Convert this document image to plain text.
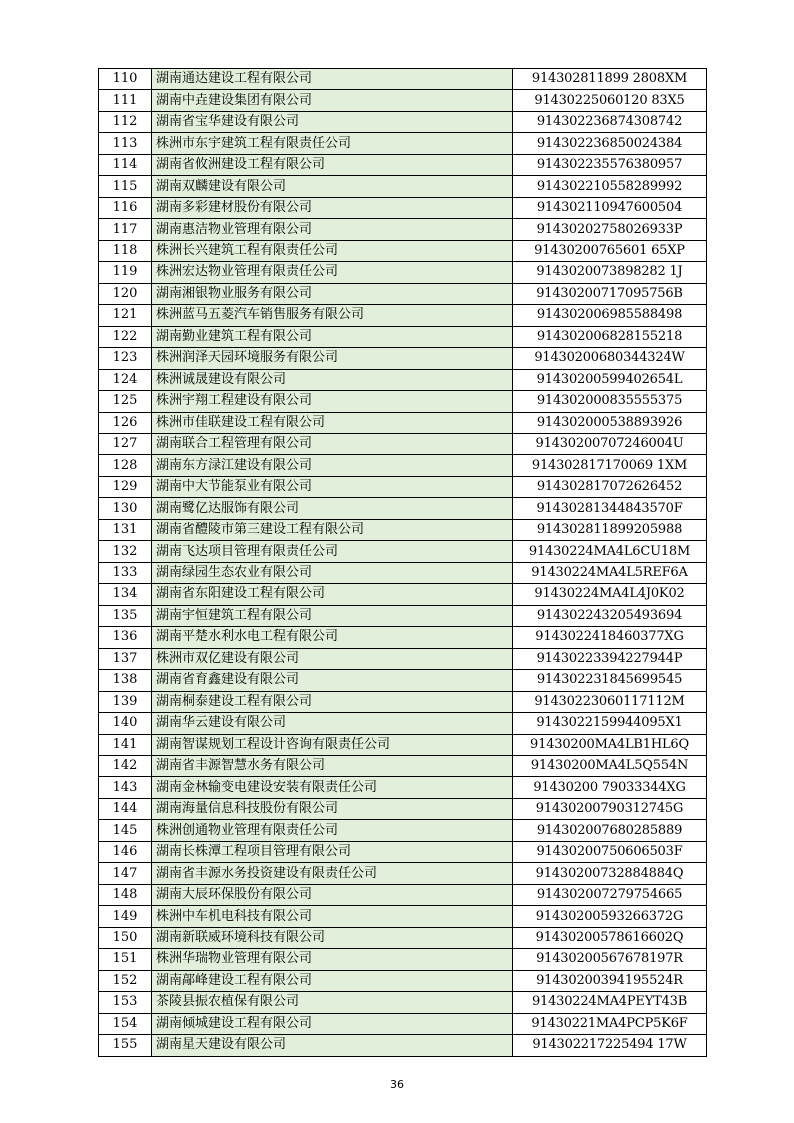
110	湖南通达建设工程有限公司	914302811899 2808XM
111	湖南中垚建设集团有限公司	91430225060120 83X5
112	湖南省宝华建设有限公司	914302236874308742
113	株洲市东宇建筑工程有限责任公司	914302236850024384
114	湖南省攸洲建设工程有限公司	914302235576380957
115	湖南双麟建设有限公司	914302210558289992
116	湖南多彩建材股份有限公司	914302110947600504
117	湖南惠洁物业管理有限公司	91430202758026933P
118	株洲长兴建筑工程有限责任公司	91430200765601 65XP
119	株洲宏达物业管理有限责任公司	9143020073898282 1J
120	湖南湘银物业服务有限公司	91430200717095756B
121	株洲蓝马五菱汽车销售服务有限公司	914302006985588498
122	湖南勤业建筑工程有限公司	914302006828155218
123	株洲润泽天园环境服务有限公司	91430200680344324W
124	株洲诚晟建设有限公司	91430200599402654L
125	株洲宇翔工程建设有限公司	914302000835555375
126	株洲市佳联建设工程有限公司	914302000538893926
127	湖南联合工程管理有限公司	91430200707246004U
128	湖南东方渌江建设有限公司	914302817170069 1XM
129	湖南中大节能泵业有限公司	914302817072626452
130	湖南鹭亿达服饰有限公司	91430281344843570F
131	湖南省醴陵市第三建设工程有限公司	914302811899205988
132	湖南飞达项目管理有限责任公司	91430224MA4L6CU18M
133	湖南绿园生态农业有限公司	91430224MA4L5REF6A
134	湖南省东阳建设工程有限公司	91430224MA4L4J0K02
135	湖南宇恒建筑工程有限公司	914302243205493694
136	湖南平楚水利水电工程有限公司	9143022418460377XG
137	株洲市双亿建设有限公司	91430223394227944P
138	湖南省育鑫建设有限公司	914302231845699545
139	湖南桐泰建设工程有限公司	91430223060117112M
140	湖南华云建设有限公司	9143022159944095X1
141	湖南智谋规划工程设计咨询有限责任公司	91430200MA4LB1HL6Q
142	湖南省丰源智慧水务有限公司	91430200MA4L5Q554N
143	湖南金林输变电建设安装有限责任公司	91430200 79033344XG
144	湖南海量信息科技股份有限公司	91430200790312745G
145	株洲创通物业管理有限责任公司	914302007680285889
146	湖南长株潭工程项目管理有限公司	91430200750606503F
147	湖南省丰源水务投资建设有限责任公司	91430200732884884Q
148	湖南大辰环保股份有限公司	914302007279754665
149	株洲中车机电科技有限公司	91430200593266372G
150	湖南新联威环境科技有限公司	91430200578616602Q
151	株洲华瑞物业管理有限公司	91430200567678197R
152	湖南鄗峰建设工程有限公司	91430200394195524R
153	茶陵县振农植保有限公司	91430224MA4PEYT43B
154	湖南倾城建设工程有限公司	91430221MA4PCP5K6F
155	湖南星天建设有限公司	914302217225494 17W
36
